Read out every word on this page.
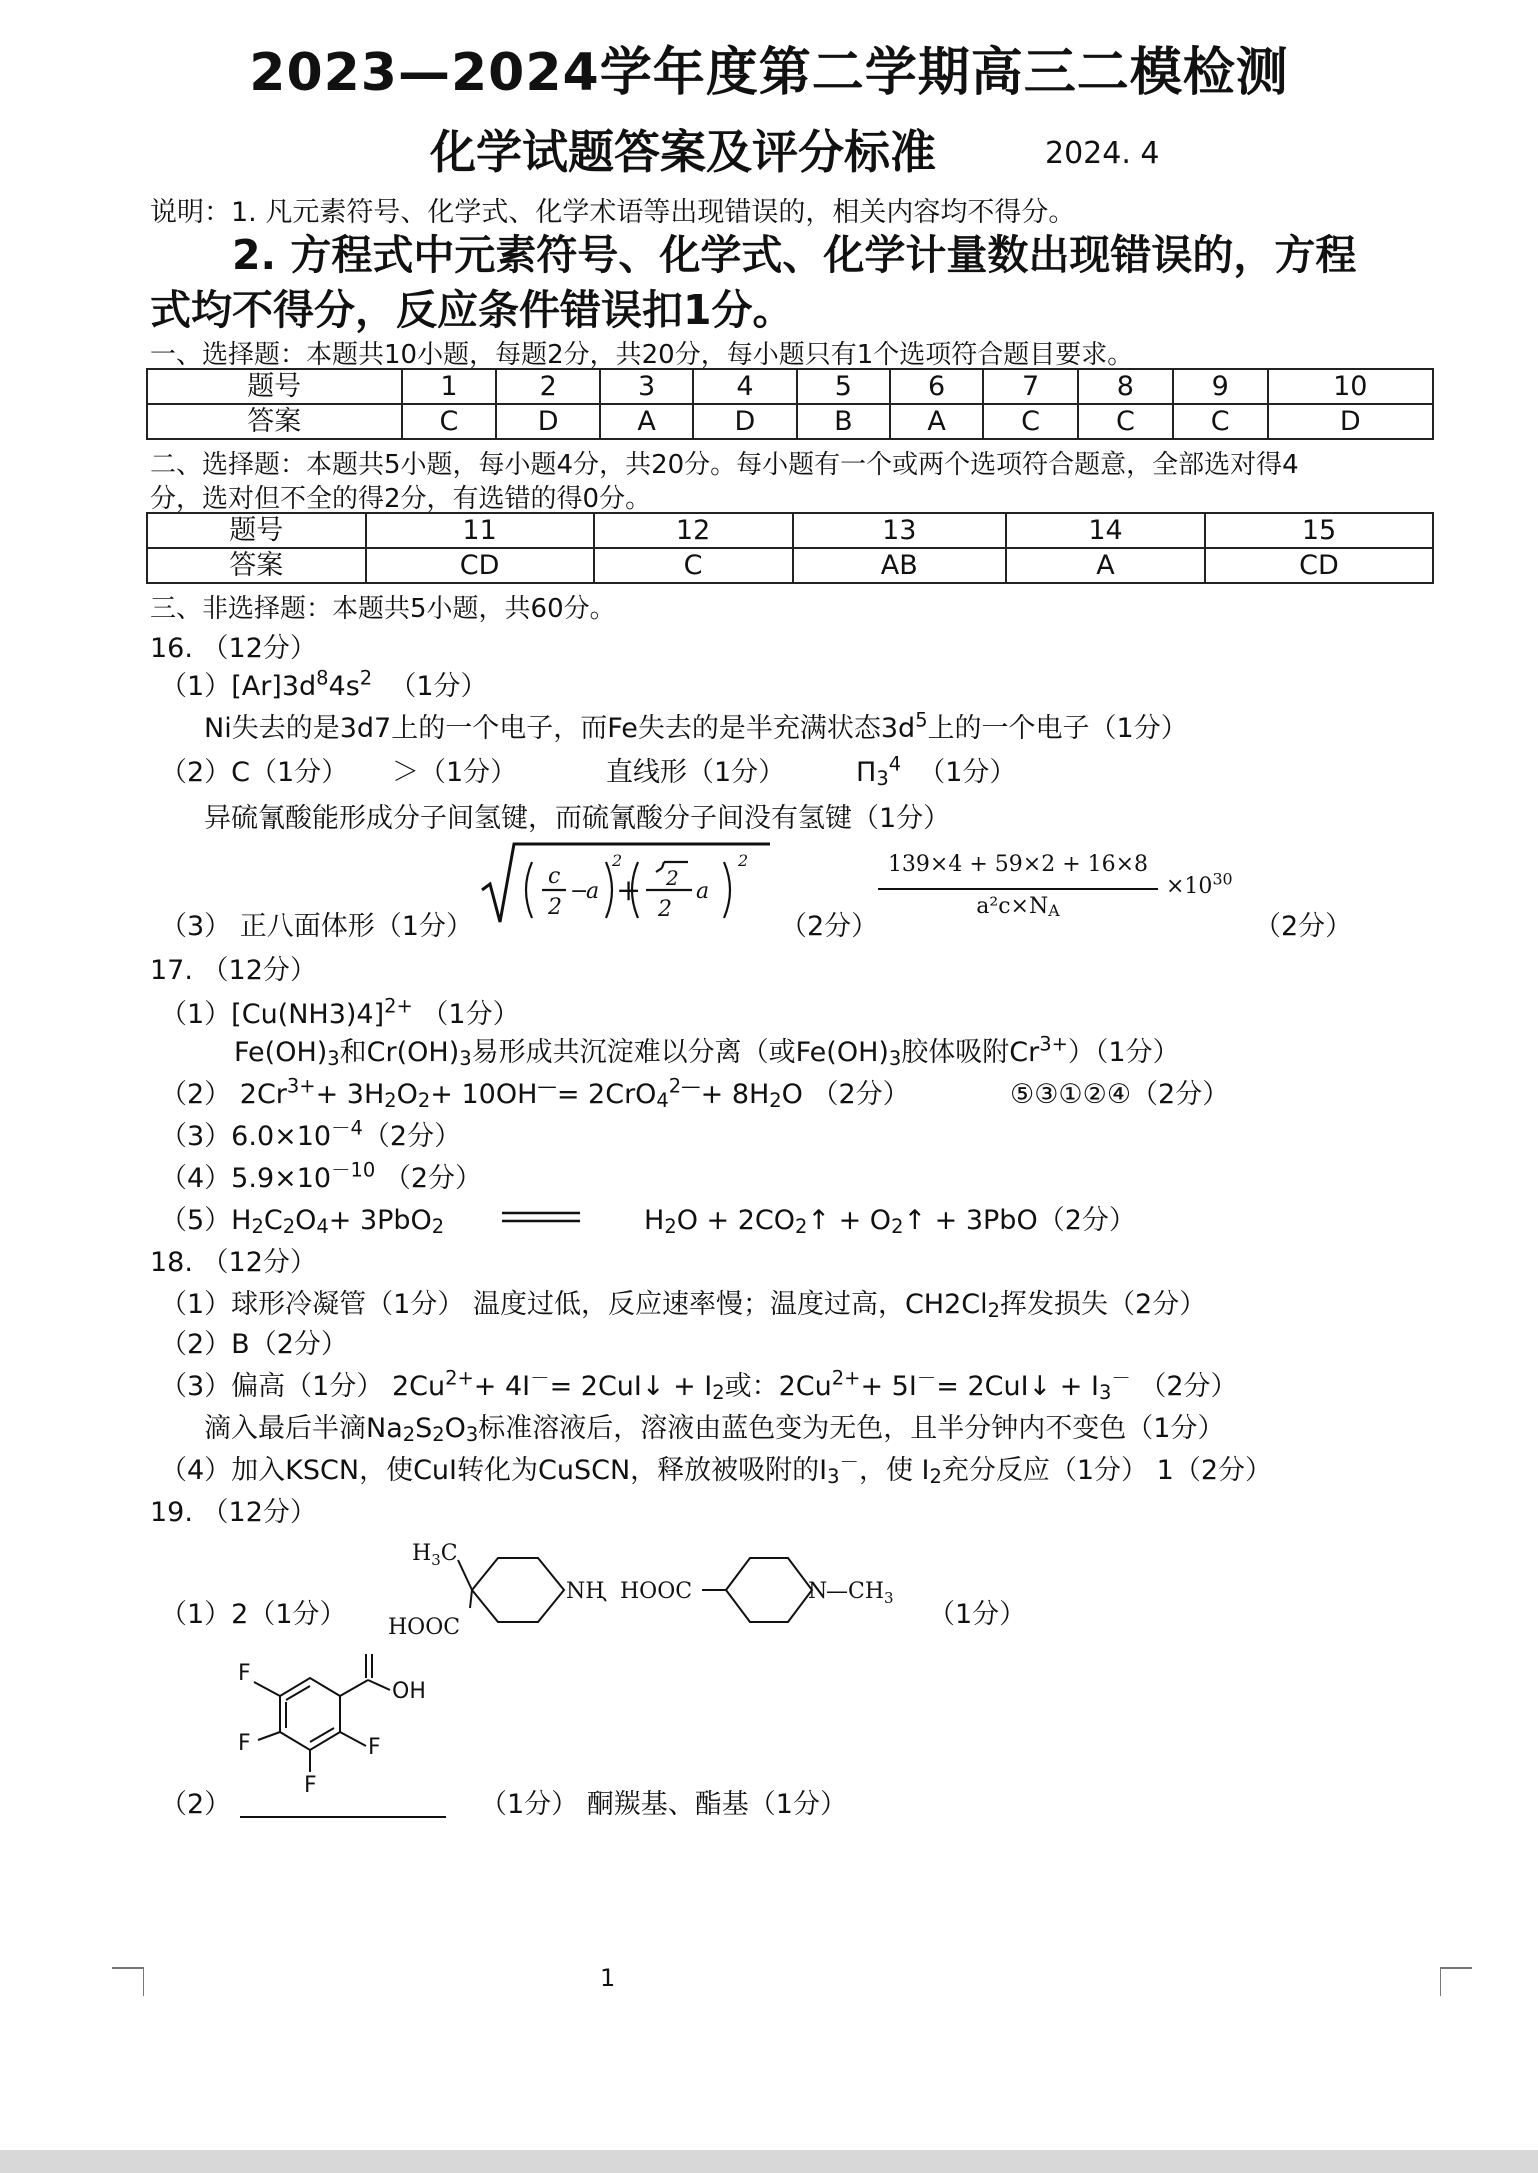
2023—2024学年度第二学期高三二模检测
化学试题答案及评分标准	2024. 4
说明：1. 凡元素符号、化学式、化学术语等出现错误的，相关内容均不得分。
2. 方程式中元素符号、化学式、化学计量数出现错误的，方程
式均不得分，反应条件错误扣1分。
一、选择题：本题共10小题，每题2分，共20分，每小题只有1个选项符合题目要求。
题号	1	2	3	4	5	6	7	8	9	10
答案	C	D	A	D	B	A	C	C	C	D
二、选择题：本题共5小题，每小题4分，共20分。每小题有一个或两个选项符合题意，全部选对得4
分，选对但不全的得2分，有选错的得0分。
题号	11	12	13	14	15
答案	CD	C	AB	A	CD
三、非选择题：本题共5小题，共60分。
16. （12分）
$(1)[Ar]3d^84s^2$ （1分）
Ni失去的是3d7上的一个电子，而Fe失去的是半充满状态$3d^5$上的一个电子（1分）
（2）C（1分） ＞（1分）	直线形（1分）	$\Pi_3^4$ （1分）
异硫氰酸能形成分子间氢键，而硫氰酸分子间没有氢键（1分）
（3） 正八面体形（1分）
c
2
−
a
2
+ 2
2
a
2
（2分）
139×4 + 59×2 + 16×8
$a^2c\times N_A$
$\times 10^{30}$
（2分）
17. （12分）
$(1)[Cu(NH3)4]^{2+}$ （1分）
$Fe(OH)_3$和$Cr(OH)_3$易形成共沉淀难以分离（或$Fe(OH)_3$胶体吸附$Cr^{3+})(1$分）
（2） $2Cr^{3+}+ 3H_2O_2+ 10OH^—= 2CrO_4^{2—}+ 8H_2O$ （2分）	⑤③①②④（2分）
$(3)6.0\times 10^{-4}(2$分）
$(4)5.9\times 10^{-10}$ （2分）
$(5)H_2C_2O_4+ 3PbO_2$	$H_2O$ + $2CO_2↑$ + $O_2↑ + 3PbO(2$分）
18. （12分）
（1）球形冷凝管（1分） 温度过低，反应速率慢；温度过高，$CH2Cl_2$挥发损失（2分）
（2）B（2分）
（3）偏高（1分） $2Cu^{2+}+ 4I^-=$ 2CuI↓ + $I_2$或：$2Cu^{2+}+ 5I^-=$ 2CuI↓ + $I_3^-$ （2分）
滴入最后半滴$Na_2S_2O_3$标准溶液后，溶液由蓝色变为无色，且半分钟内不变色（1分）
（4）加入KSCN，使CuI转化为CuSCN，释放被吸附的$I_3^-$，使 $I_2$充分反应（1分） 1（2分）
19. （12分）
（1）2（1分）
$H_3C$
HOOC
NH
、
HOOC	N
$—CH_3$
（1分）
F
F
F
F
OH
（2）	（1分） 酮羰基、酯基（1分）
1
